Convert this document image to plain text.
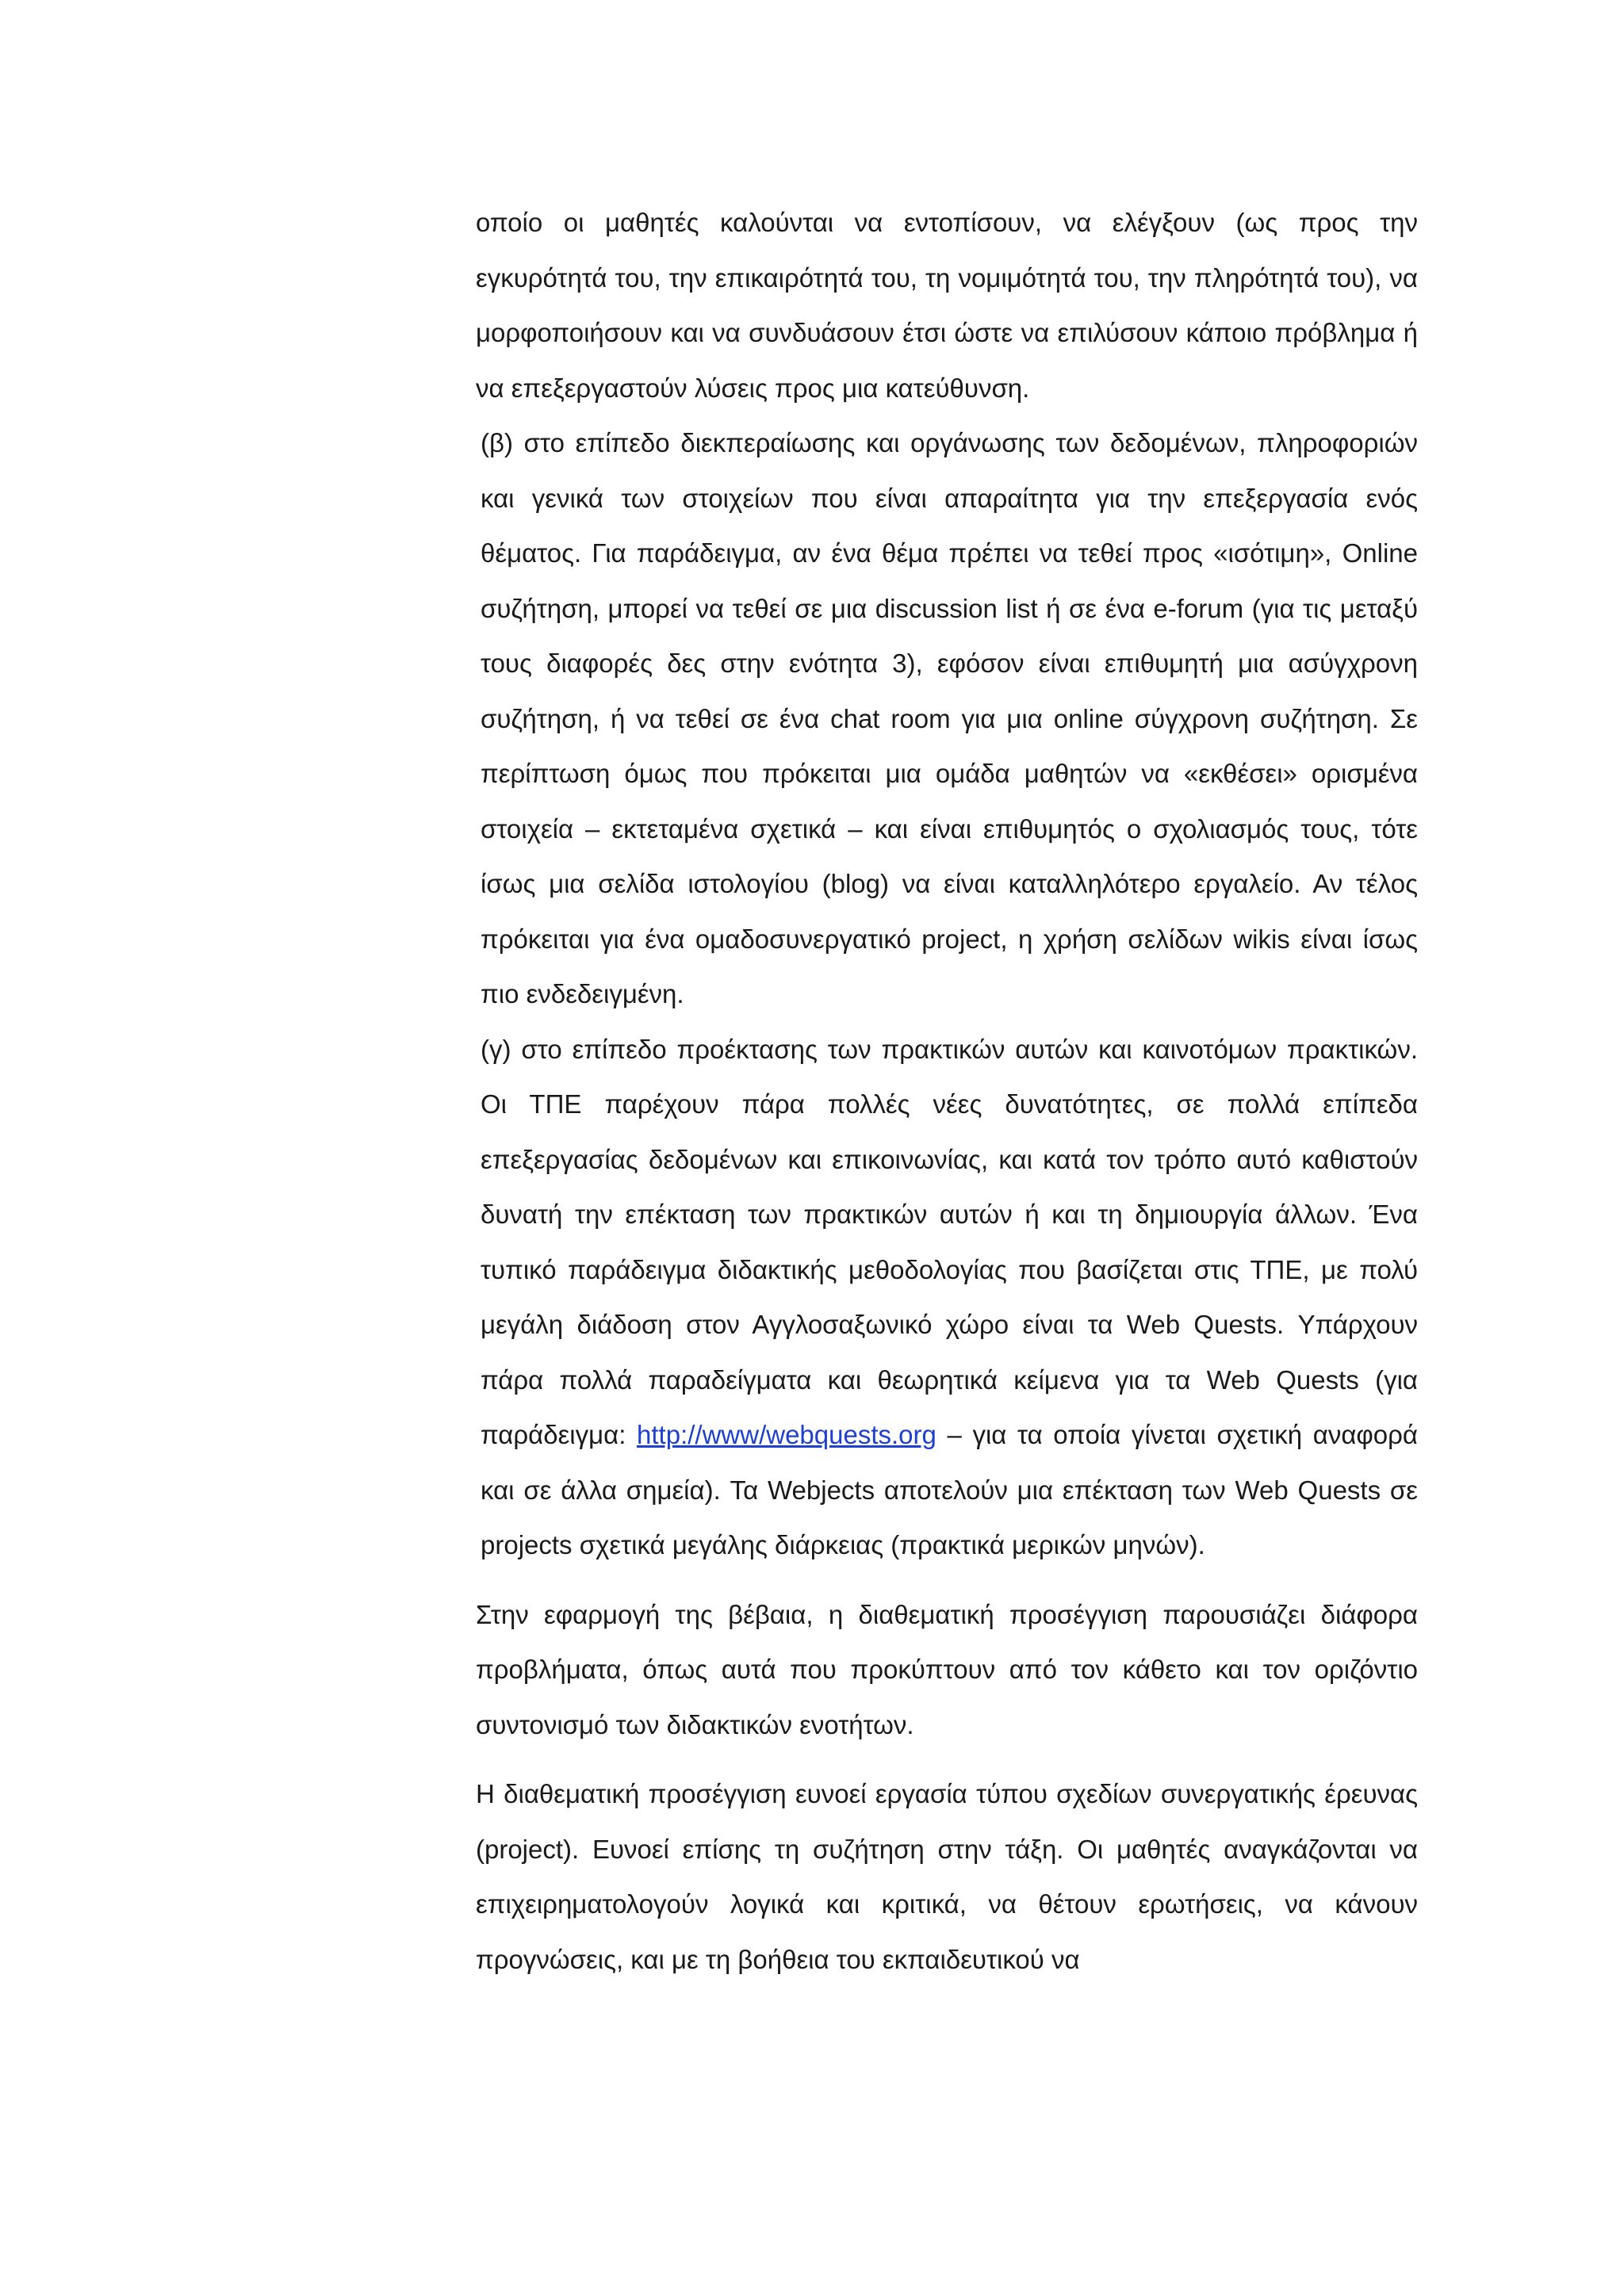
οποίο οι μαθητές καλούνται να εντοπίσουν, να ελέγξουν (ως προς την εγκυρότητά του, την επικαιρότητά του, τη νομιμότητά του, την πληρότητά του), να μορφοποιήσουν και να συνδυάσουν έτσι ώστε να επιλύσουν κάποιο πρόβλημα ή να επεξεργαστούν λύσεις προς μια κατεύθυνση.

(β) στο επίπεδο διεκπεραίωσης και οργάνωσης των δεδομένων, πληροφοριών και γενικά των στοιχείων που είναι απαραίτητα για την επεξεργασία ενός θέματος. Για παράδειγμα, αν ένα θέμα πρέπει να τεθεί προς «ισότιμη», Online συζήτηση, μπορεί να τεθεί σε μια discussion list ή σε ένα e-forum (για τις μεταξύ τους διαφορές δες στην ενότητα 3), εφόσον είναι επιθυμητή μια ασύγχρονη συζήτηση, ή να τεθεί σε ένα chat room για μια online σύγχρονη συζήτηση. Σε περίπτωση όμως που πρόκειται μια ομάδα μαθητών να «εκθέσει» ορισμένα στοιχεία – εκτεταμένα σχετικά – και είναι επιθυμητός ο σχολιασμός τους, τότε ίσως μια σελίδα ιστολογίου (blog) να είναι καταλληλότερο εργαλείο. Αν τέλος πρόκειται για ένα ομαδοσυνεργατικό project, η χρήση σελίδων wikis είναι ίσως πιο ενδεδειγμένη.

(γ) στο επίπεδο προέκτασης των πρακτικών αυτών και καινοτόμων πρακτικών. Οι ΤΠΕ παρέχουν πάρα πολλές νέες δυνατότητες, σε πολλά επίπεδα επεξεργασίας δεδομένων και επικοινωνίας, και κατά τον τρόπο αυτό καθιστούν δυνατή την επέκταση των πρακτικών αυτών ή και τη δημιουργία άλλων. Ένα τυπικό παράδειγμα διδακτικής μεθοδολογίας που βασίζεται στις ΤΠΕ, με πολύ μεγάλη διάδοση στον Αγγλοσαξωνικό χώρο είναι τα Web Quests. Υπάρχουν πάρα πολλά παραδείγματα και θεωρητικά κείμενα για τα Web Quests (για παράδειγμα: http://www/webquests.org – για τα οποία γίνεται σχετική αναφορά και σε άλλα σημεία). Τα Webjects αποτελούν μια επέκταση των Web Quests σε projects σχετικά μεγάλης διάρκειας (πρακτικά μερικών μηνών).

Στην εφαρμογή της βέβαια, η διαθεματική προσέγγιση παρουσιάζει διάφορα προβλήματα, όπως αυτά που προκύπτουν από τον κάθετο και τον οριζόντιο συντονισμό των διδακτικών ενοτήτων.

Η διαθεματική προσέγγιση ευνοεί εργασία τύπου σχεδίων συνεργατικής έρευνας (project). Ευνοεί επίσης τη συζήτηση στην τάξη. Οι μαθητές αναγκάζονται να επιχειρηματολογούν λογικά και κριτικά, να θέτουν ερωτήσεις, να κάνουν προγνώσεις, και με τη βοήθεια του εκπαιδευτικού να
